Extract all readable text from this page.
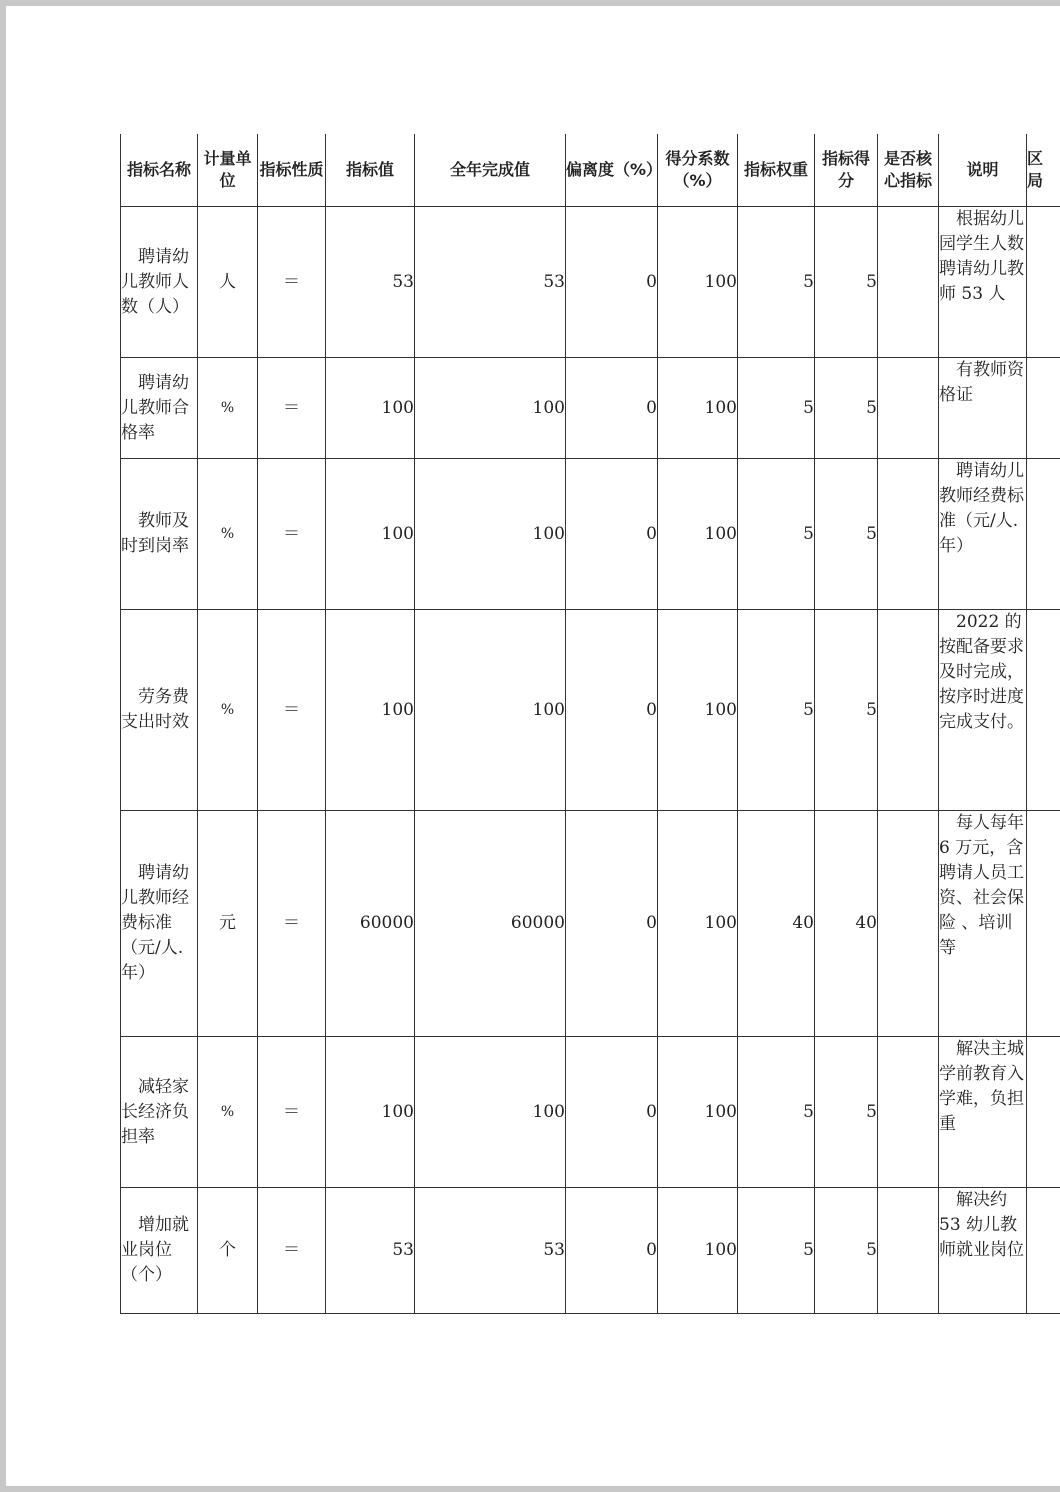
指标名称	计量单位	指标性质	指标值	全年完成值	偏离度（%）	得分系数（%）	指标权重	指标得分	是否核心指标	说明	区局

聘请幼儿教师人数（人）	人	＝	53	53	0	100	5	5		根据幼儿园学生人数聘请幼儿教师 53 人	

聘请幼儿教师合格率	%	＝	100	100	0	100	5	5		有教师资格证	

教师及时到岗率	%	＝	100	100	0	100	5	5		聘请幼儿教师经费标准（元/人.年）	

劳务费支出时效	%	＝	100	100	0	100	5	5		2022 的按配备要求及时完成，按序时进度完成支付。	

聘请幼儿教师经费标准（元/人.年）	元	＝	60000	60000	0	100	40	40		每人每年 6 万元，含聘请人员工资、社会保险 、培训等	

减轻家长经济负担率	%	＝	100	100	0	100	5	5		解决主城学前教育入学难，负担重	

增加就业岗位（个）	个	＝	53	53	0	100	5	5		解决约 53 幼儿教师就业岗位	
